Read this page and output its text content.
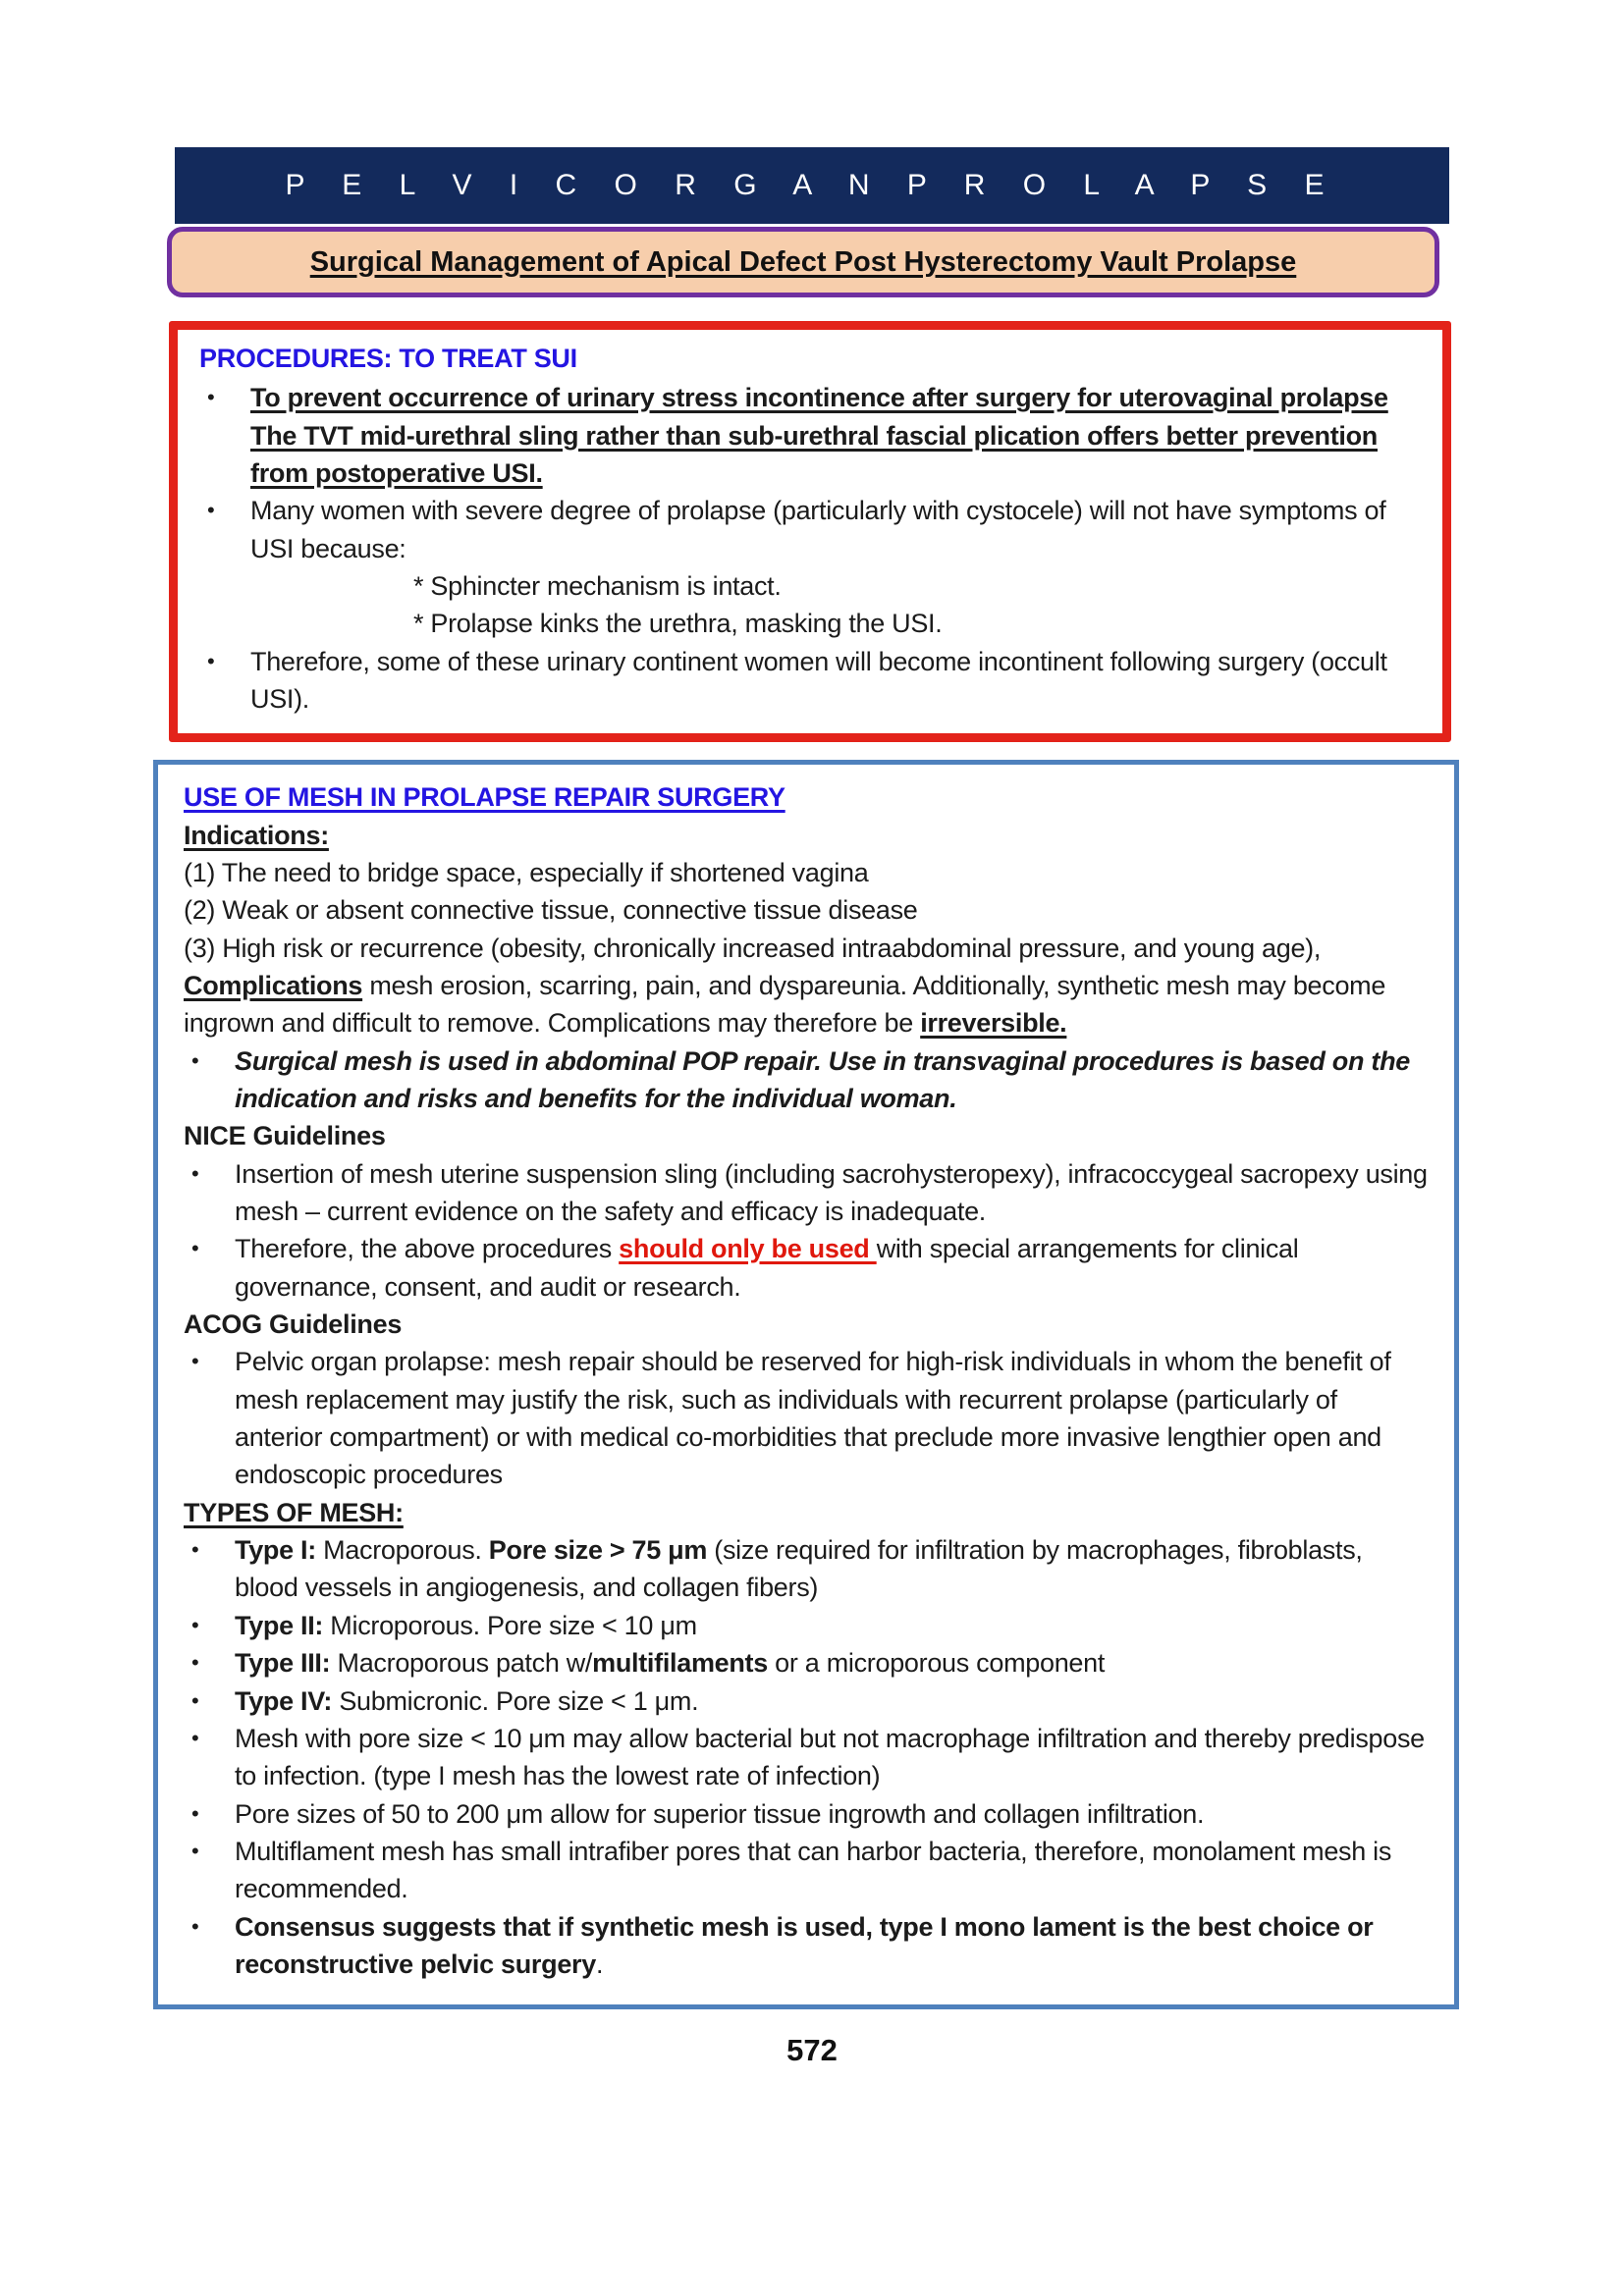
P E L V I C O R G A N P R O L A P S E
Surgical Management of Apical Defect Post Hysterectomy Vault Prolapse
PROCEDURES: TO TREAT SUI
•	To prevent occurrence of urinary stress incontinence after surgery for uterovaginal prolapse The TVT mid-urethral sling rather than sub-urethral fascial plication offers better prevention from postoperative USI.
•	Many women with severe degree of prolapse (particularly with cystocele) will not have symptoms of USI because:
* Sphincter mechanism is intact.
* Prolapse kinks the urethra, masking the USI.
•	Therefore, some of these urinary continent women will become incontinent following surgery (occult USI).
USE OF MESH IN PROLAPSE REPAIR SURGERY
Indications:
(1) The need to bridge space, especially if shortened vagina
(2) Weak or absent connective tissue, connective tissue disease
(3) High risk or recurrence (obesity, chronically increased intraabdominal pressure, and young age),
Complications mesh erosion, scarring, pain, and dyspareunia. Additionally, synthetic mesh may become ingrown and difficult to remove. Complications may therefore be irreversible.
•	Surgical mesh is used in abdominal POP repair. Use in transvaginal procedures is based on the indication and risks and benefits for the individual woman.
NICE Guidelines
•	Insertion of mesh uterine suspension sling (including sacrohysteropexy), infracoccygeal sacropexy using mesh – current evidence on the safety and efficacy is inadequate.
•	Therefore, the above procedures should only be used with special arrangements for clinical governance, consent, and audit or research.
ACOG Guidelines
•	Pelvic organ prolapse: mesh repair should be reserved for high-risk individuals in whom the benefit of mesh replacement may justify the risk, such as individuals with recurrent prolapse (particularly of anterior compartment) or with medical co-morbidities that preclude more invasive lengthier open and endoscopic procedures
TYPES OF MESH:
•	Type I: Macroporous. Pore size > 75 μm (size required for infiltration by macrophages, fibroblasts, blood vessels in angiogenesis, and collagen fibers)
•	Type II: Microporous. Pore size < 10 μm
•	Type III: Macroporous patch w/multifilaments or a microporous component
•	Type IV: Submicronic. Pore size < 1 μm.
•	Mesh with pore size < 10 μm may allow bacterial but not macrophage infiltration and thereby predispose to infection. (type I mesh has the lowest rate of infection)
•	Pore sizes of 50 to 200 μm allow for superior tissue ingrowth and collagen infiltration.
•	Multiflament mesh has small intrafiber pores that can harbor bacteria, therefore, monolament mesh is recommended.
•	Consensus suggests that if synthetic mesh is used, type I mono lament is the best choice or reconstructive pelvic surgery.
572
